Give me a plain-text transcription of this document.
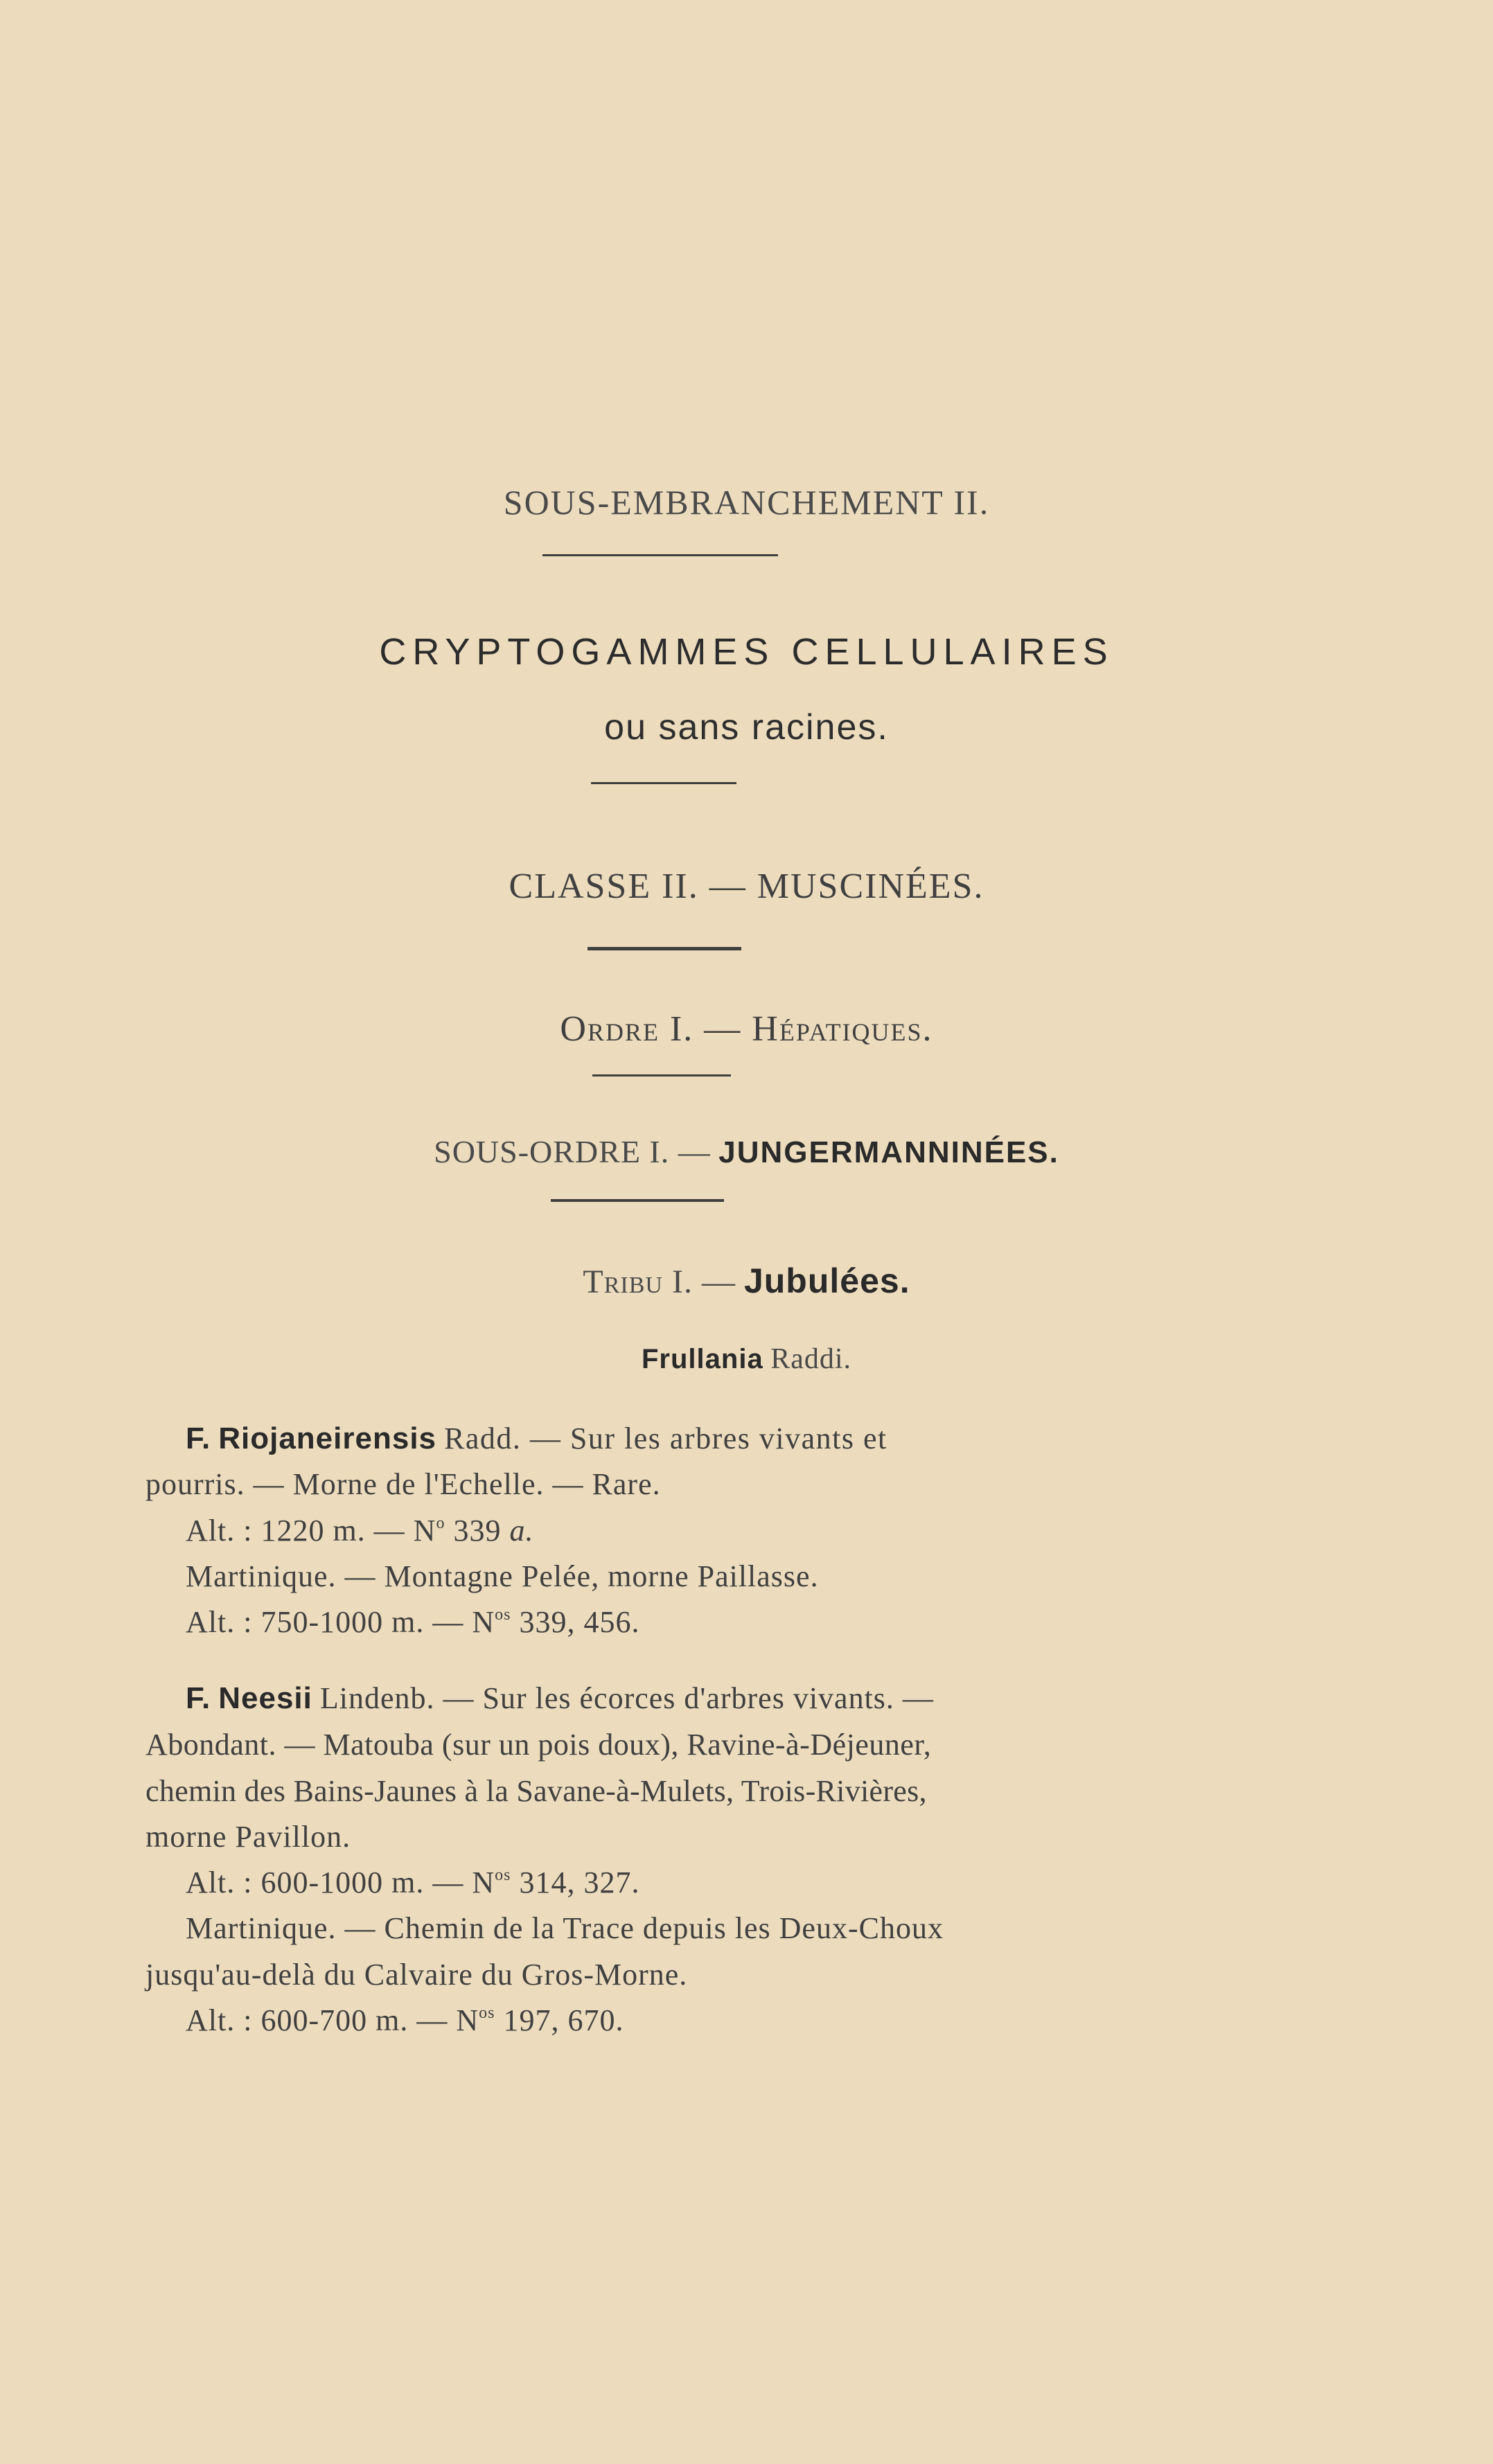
SOUS-EMBRANCHEMENT II.
CRYPTOGAMMES CELLULAIRES
ou sans racines.
CLASSE II. — MUSCINÉES.
Ordre I. — Hépatiques.
SOUS-ORDRE I. — JUNGERMANNINÉES.
Tribu I. — Jubulées.
Frullania Raddi.
F. Riojaneirensis Radd. — Sur les arbres vivants et
pourris. — Morne de l'Echelle. — Rare.
Alt. : 1220 m. — $N^o$ 339 a.
Martinique. — Montagne Pelée, morne Paillasse.
Alt. : 750-1000 m. — $N^{os}$ 339, 456.
F. Neesii Lindenb. — Sur les écorces d'arbres vivants. —
Abondant. — Matouba (sur un pois doux), Ravine-à-Déjeuner,
chemin des Bains-Jaunes à la Savane-à-Mulets, Trois-Rivières,
morne Pavillon.
Alt. : 600-1000 m. — $N^{os}$ 314, 327.
Martinique. — Chemin de la Trace depuis les Deux-Choux
jusqu'au-delà du Calvaire du Gros-Morne.
Alt. : 600-700 m. — $N^{os}$ 197, 670.
